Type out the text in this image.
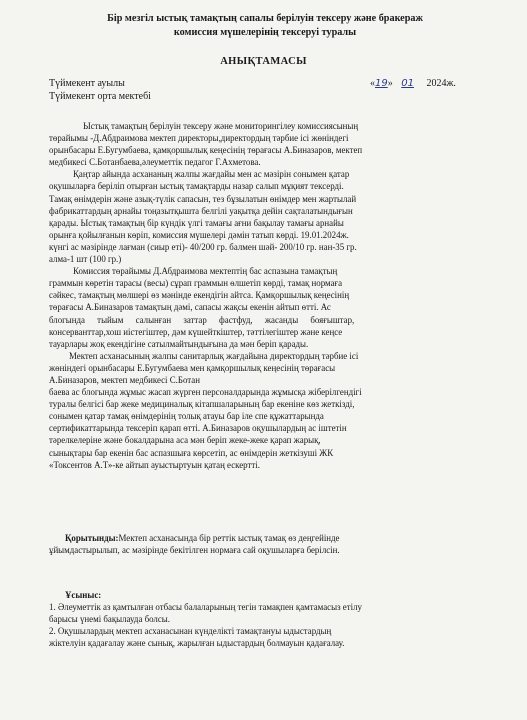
Бір мезгіл ыстық тамақтың сапалы берілуін тексеру және бракераж
комиссия мүшелерінің тексеруі туралы
АНЫҚТАМАСЫ
Түймекент ауылы
Түймекент орта мектебі
«19» 01 2024ж.
Ыстық тамақтың берілуін тексеру және мониторингілеу комиссиясының
төрайымы -Д.Абдраимова мектеп директоры,директордың тәрбие ісі жөніндегі
орынбасары Е.Бугумбаева, қамқоршылық кеңесінің төрағасы А.Биназаров, мектеп
медбикесі С.Ботанбаева,әлеуметтік педагог Г.Ахметова.
Қаңтар айында асхананың жалпы жағдайы мен ас мәзірін сонымен қатар
оқушыларға беріліп отырған ыстық тамақтарды назар салып мұқият тексерді.
Тамақ өнімдерін және азық-түлік сапасын, тез бұзылатын өнімдер мен жартылай
фабрикаттардың арнайы тоңазытқышта белгілі уақытқа дейін сақталатындығын
қарады. Ыстық тамақтың бір күндік үлгі тамағы ағни бақылау тамағы арнайы
орынға қойылғанын көріп, комиссия мүшелері дәмін татып көрді. 19.01.2024ж.
күнгі ас мәзірінде лағман (сиыр еті)- 40/200 гр. балмен шәй- 200/10 гр. нан-35 гр.
алма-1 шт (100 гр.)
Комиссия төрайымы Д.Абдраимова мектептің бас аспазына тамақтың
граммын көретін тарасы (весы) сұрап граммын өлшетіп көрді, тамақ нормаға
сәйкес, тамақтың мөлшері өз мәнінде екендігін айтса. Қамқоршылық кеңесінің
төрағасы А.Биназаров тамақтың дәмі, сапасы жақсы екенін айтып өтті. Ас
блогында тыйым салынған заттар фастфуд, жасанды бояғыштар,
консерванттар,хош иістегіштер, дәм күшейткіштер, тәттілегіштер және кеңсе
тауарлары жоқ екендігіне сатылмайтындығына да мән беріп қарады.
Мектеп асханасының жалпы санитарлық жағдайына директордың тәрбие ісі
жөніндегі орынбасары Е.Бугумбаева мен қамқоршылық кеңесінің төрағасы
А.Биназаров, мектеп медбикесі С.Ботан
баева ас блогында жұмыс жасап жүрген персоналдарында жұмысқа жіберілгендігі
туралы белгісі бар жеке медициналық кітапшаларының бар екеніне көз жеткізді,
сонымен қатар тамақ өнімдерінің толық атауы бар іле спе құжаттарында
сертификаттарында тексеріп қарап өтті. А.Биназаров оқушылардың ас іштетін
тәрелкелеріне және бокалдарына аса мән беріп жеке-жеке қарап жарық,
сынықтары бар екенін бас аспазшыға көрсетіп, ас өнімдерін жеткізуші ЖК
«Токсентов А.Т»-ке айтып ауыстыртуын қатаң ескертті.
Қорытынды:Мектеп асханасында бір реттік ыстық тамақ өз деңгейінде
ұйымдастырылып, ас мәзірінде бекітілген нормаға сай оқушыларға берілсін.
Ұсыныс:
1. Әлеуметтік аз қамтылған отбасы балаларының тегін тамақпен қамтамасыз етілу
барысы үнемі бақылауда болсы.
2. Оқушылардың мектеп асханасынан күнделікті тамақтануы ыдыстардың
жіктелуін қадағалау және сынық, жарылған ыдыстардың болмауын қадағалау.
